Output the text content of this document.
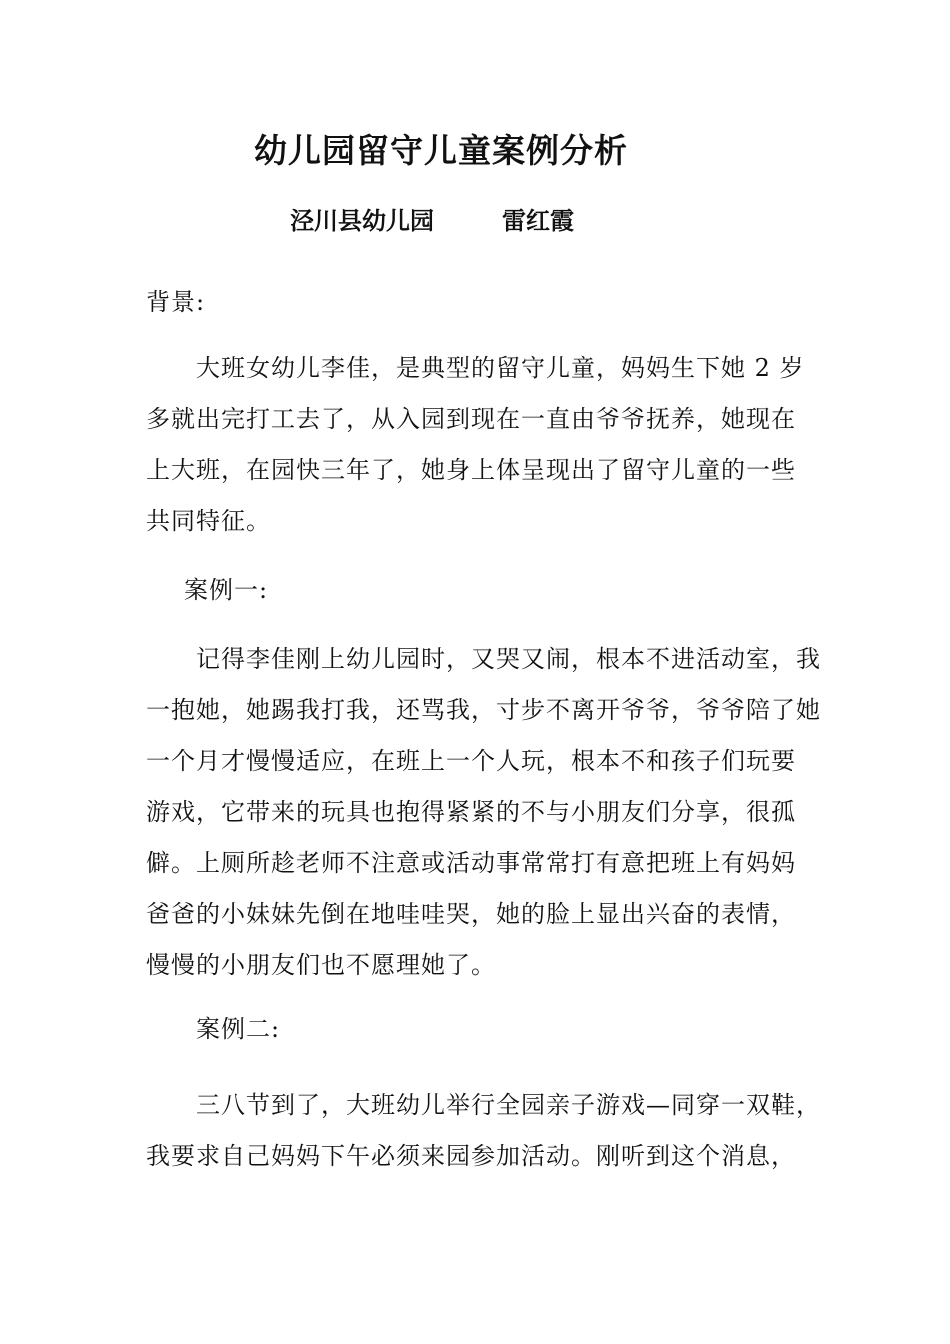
幼儿园留守儿童案例分析

泾川县幼儿园	雷红霞

背景:

大班女幼儿李佳，是典型的留守儿童，妈妈生下她 2 岁
多就出完打工去了，从入园到现在一直由爷爷抚养，她现在
上大班，在园快三年了，她身上体呈现出了留守儿童的一些
共同特征。

案例一:

记得李佳刚上幼儿园时，又哭又闹，根本不进活动室，我
一抱她，她踢我打我，还骂我，寸步不离开爷爷，爷爷陪了她
一个月才慢慢适应，在班上一个人玩，根本不和孩子们玩要
游戏，它带来的玩具也抱得紧紧的不与小朋友们分享，很孤
僻。上厕所趁老师不注意或活动事常常打有意把班上有妈妈
爸爸的小妹妹先倒在地哇哇哭，她的脸上显出兴奋的表情，
慢慢的小朋友们也不愿理她了。

案例二:

三八节到了，大班幼儿举行全园亲子游戏—同穿一双鞋，
我要求自己妈妈下午必须来园参加活动。刚听到这个消息，
